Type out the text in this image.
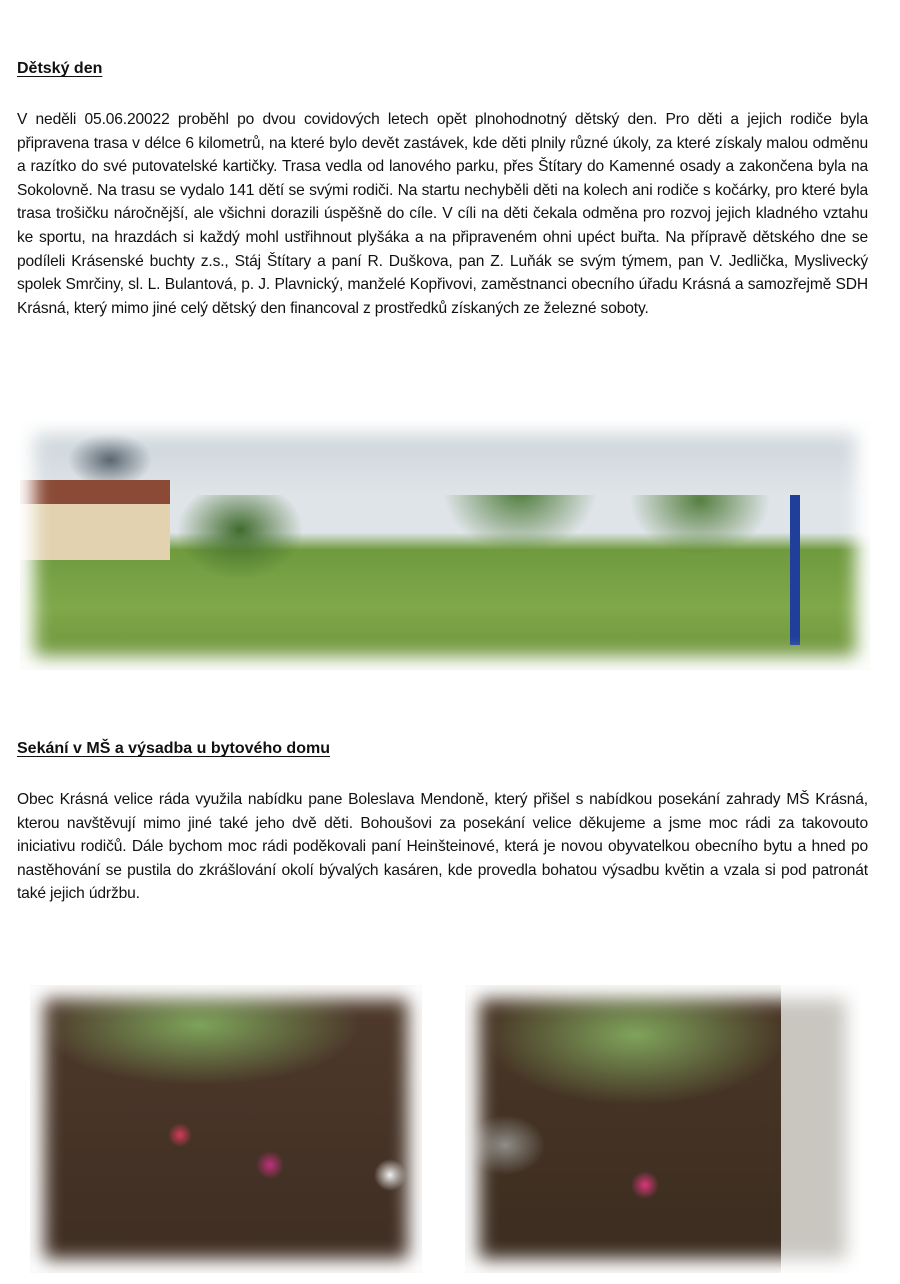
Dětský den
V neděli 05.06.20022 proběhl po dvou covidových letech opět plnohodnotný dětský den. Pro děti a jejich rodiče byla připravena trasa v délce 6 kilometrů, na které bylo devět zastávek, kde děti plnily různé úkoly, za které získaly malou odměnu a razítko do své putovatelské kartičky. Trasa vedla od lanového parku, přes Štítary do Kamenné osady a zakončena byla na Sokolovně. Na trasu se vydalo 141 dětí se svými rodiči. Na startu nechyběli děti na kolech ani rodiče s kočárky, pro které byla trasa trošičku náročnější, ale všichni dorazili úspěšně do cíle. V cíli na děti čekala odměna pro rozvoj jejich kladného vztahu ke sportu, na hrazdách si každý mohl ustřihnout plyšáka a na připraveném ohni upéct buřta. Na přípravě dětského dne se podíleli Krásenské buchty z.s., Stáj Štítary a paní R. Duškova, pan Z. Luňák se svým týmem, pan V. Jedlička, Myslivecký spolek Smrčiny, sl. L. Bulantová, p. J. Plavnický, manželé Kopřivovi, zaměstnanci obecního úřadu Krásná a samozřejmě SDH Krásná, který mimo jiné celý dětský den financoval z prostředků získaných ze železné soboty.
Sekání v MŠ a výsadba u bytového domu
Obec Krásná velice ráda využila nabídku pane Boleslava Mendoně, který přišel s nabídkou posekání zahrady MŠ Krásná, kterou navštěvují mimo jiné také jeho dvě děti. Bohoušovi za posekání velice děkujeme a jsme moc rádi za takovouto iniciativu rodičů. Dále bychom moc rádi poděkovali paní Heinšteinové, která je novou obyvatelkou obecního bytu a hned po nastěhování se pustila do zkrášlování okolí bývalých kasáren, kde provedla bohatou výsadbu květin a vzala si pod patronát také jejich údržbu.
